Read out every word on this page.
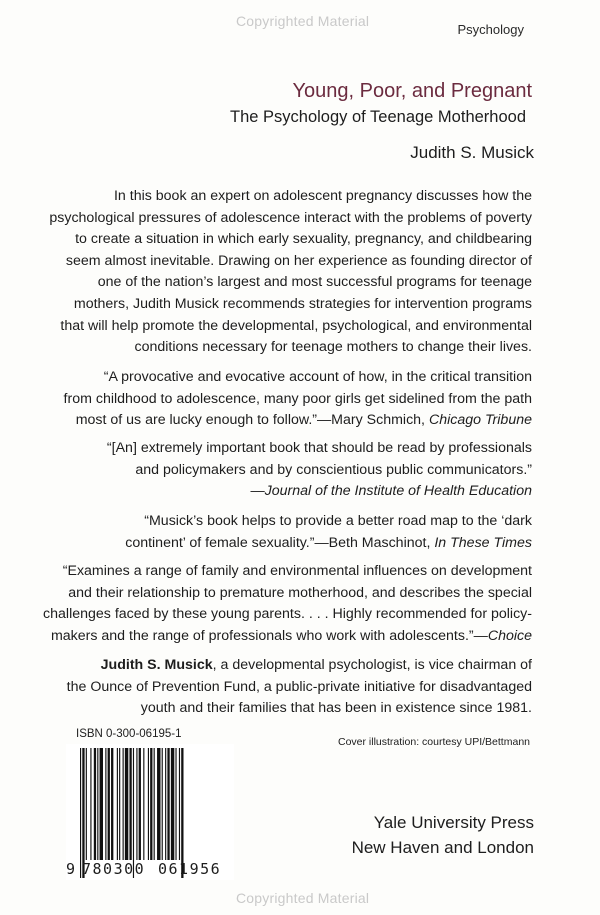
Copyrighted Material
Psychology
Young, Poor, and Pregnant
The Psychology of Teenage Motherhood
Judith S. Musick

In this book an expert on adolescent pregnancy discusses how the

psychological pressures of adolescence interact with the problems of poverty

to create a situation in which early sexuality, pregnancy, and childbearing

seem almost inevitable. Drawing on her experience as founding director of

one of the nation’s largest and most successful programs for teenage

mothers, Judith Musick recommends strategies for intervention programs

that will help promote the developmental, psychological, and environmental

conditions necessary for teenage mothers to change their lives.

“A provocative and evocative account of how, in the critical transition

from childhood to adolescence, many poor girls get sidelined from the path

most of us are lucky enough to follow.”—Mary Schmich, Chicago Tribune

“[An] extremely important book that should be read by professionals

and policymakers and by conscientious public communicators.”

—Journal of the Institute of Health Education

“Musick’s book helps to provide a better road map to the ‘dark

continent’ of female sexuality.”—Beth Maschinot, In These Times

“Examines a range of family and environmental influences on development

and their relationship to premature motherhood, and describes the special

challenges faced by these young parents. . . . Highly recommended for policy-

makers and the range of professionals who work with adolescents.”—Choice

Judith S. Musick, a developmental psychologist, is vice chairman of

the Ounce of Prevention Fund, a public-private initiative for disadvantaged

youth and their families that has been in existence since 1981.

ISBN 0-300-06195-1
Cover illustration: courtesy UPI/Bettmann
9 780300 061956
Yale University Press
New Haven and London
Copyrighted Material
